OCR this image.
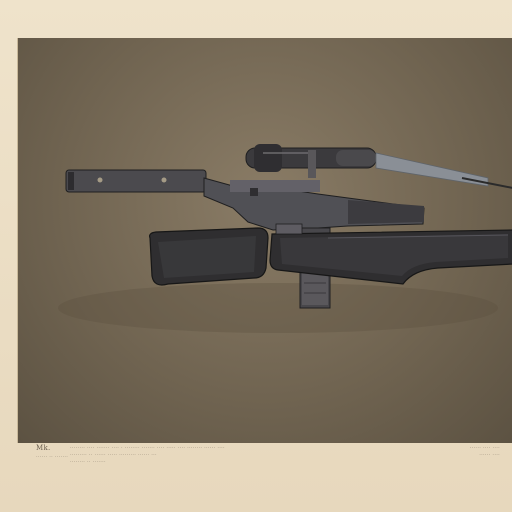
Mk.
...... .. .......
........ .... ....... .... . ........ ....... .... ..... .... ........ ...... ....
......... .. ...... ..... ......... ...... ...
........ .. .......
...... .... ....
...... ....
